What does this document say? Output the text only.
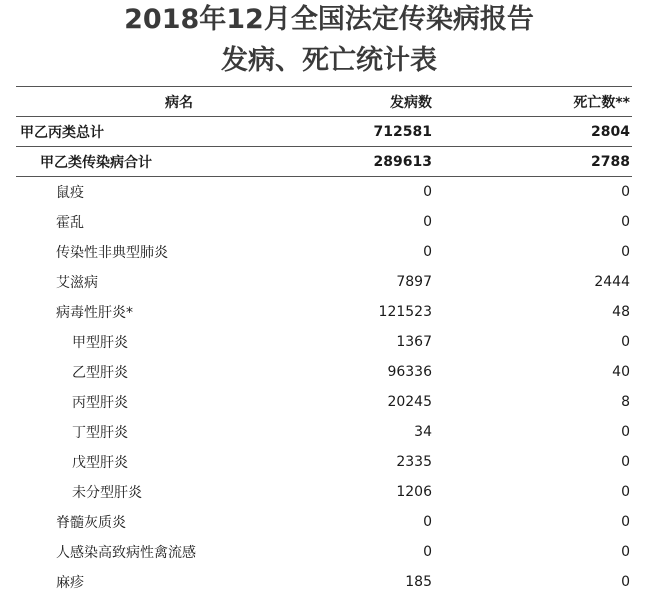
2018年12月全国法定传染病报告
发病、死亡统计表
病名	发病数	死亡数**
甲乙丙类总计	712581	2804
甲乙类传染病合计	289613	2788
鼠疫	0	0
霍乱	0	0
传染性非典型肺炎	0	0
艾滋病	7897	2444
病毒性肝炎*	121523	48
甲型肝炎	1367	0
乙型肝炎	96336	40
丙型肝炎	20245	8
丁型肝炎	34	0
戊型肝炎	2335	0
未分型肝炎	1206	0
脊髓灰质炎	0	0
人感染高致病性禽流感	0	0
麻疹	185	0
